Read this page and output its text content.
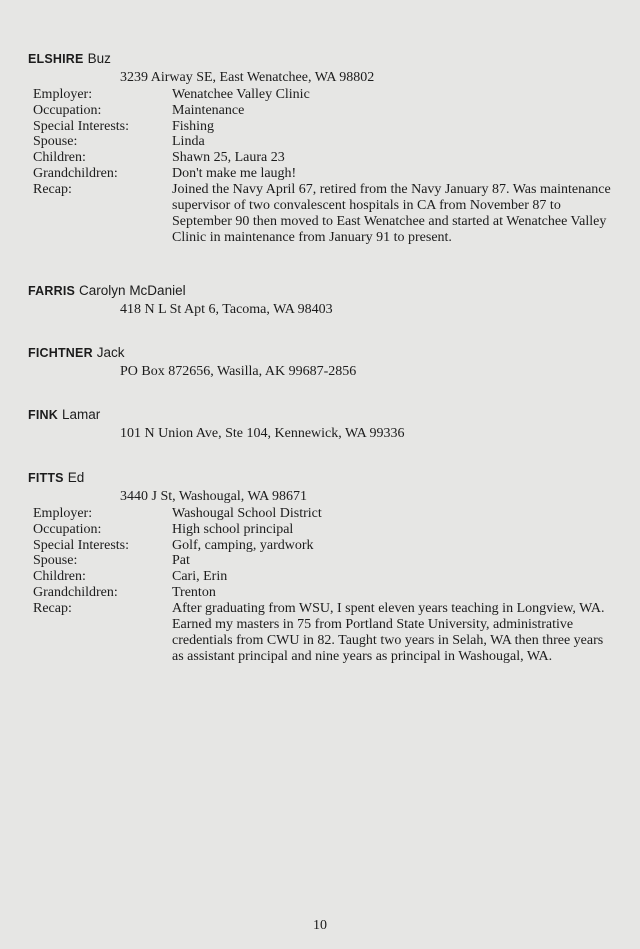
ELSHIRE Buz
3239 Airway SE, East Wenatchee, WA 98802
Employer:	Wenatchee Valley Clinic
Occupation:	Maintenance
Special Interests:	Fishing
Spouse:	Linda
Children:	Shawn 25, Laura 23
Grandchildren:	Don't make me laugh!
Recap:	Joined the Navy April 67, retired from the Navy January 87. Was maintenance supervisor of two convalescent hospitals in CA from November 87 to September 90 then moved to East Wenatchee and started at Wenatchee Valley Clinic in maintenance from January 91 to present.
FARRIS Carolyn McDaniel
418 N L St Apt 6, Tacoma, WA 98403
FICHTNER Jack
PO Box 872656, Wasilla, AK 99687-2856
FINK Lamar
101 N Union Ave, Ste 104, Kennewick, WA 99336
FITTS Ed
3440 J St, Washougal, WA 98671
Employer:	Washougal School District
Occupation:	High school principal
Special Interests:	Golf, camping, yardwork
Spouse:	Pat
Children:	Cari, Erin
Grandchildren:	Trenton
Recap:	After graduating from WSU, I spent eleven years teaching in Longview, WA. Earned my masters in 75 from Portland State University, administrative credentials from CWU in 82. Taught two years in Selah, WA then three years as assistant principal and nine years as principal in Washougal, WA.
10
